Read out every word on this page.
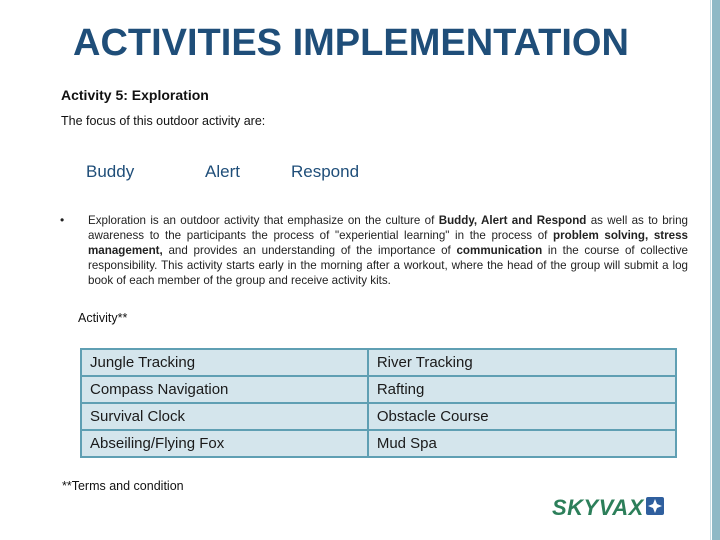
ACTIVITIES IMPLEMENTATION
Activity 5: Exploration
The focus of this outdoor activity are:
Buddy	Alert	Respond
• Exploration is an outdoor activity that emphasize on the culture of Buddy, Alert and Respond as well as to bring awareness to the participants the process of "experiential learning" in the process of problem solving, stress management, and provides an understanding of the importance of communication in the course of collective responsibility. This activity starts early in the morning after a workout, where the head of the group will submit a log book of each member of the group and receive activity kits.
Activity**
Jungle Tracking	River Tracking
Compass Navigation	Rafting
Survival Clock	Obstacle Course
Abseiling/Flying Fox	Mud Spa
**Terms and condition
SKYVAX
